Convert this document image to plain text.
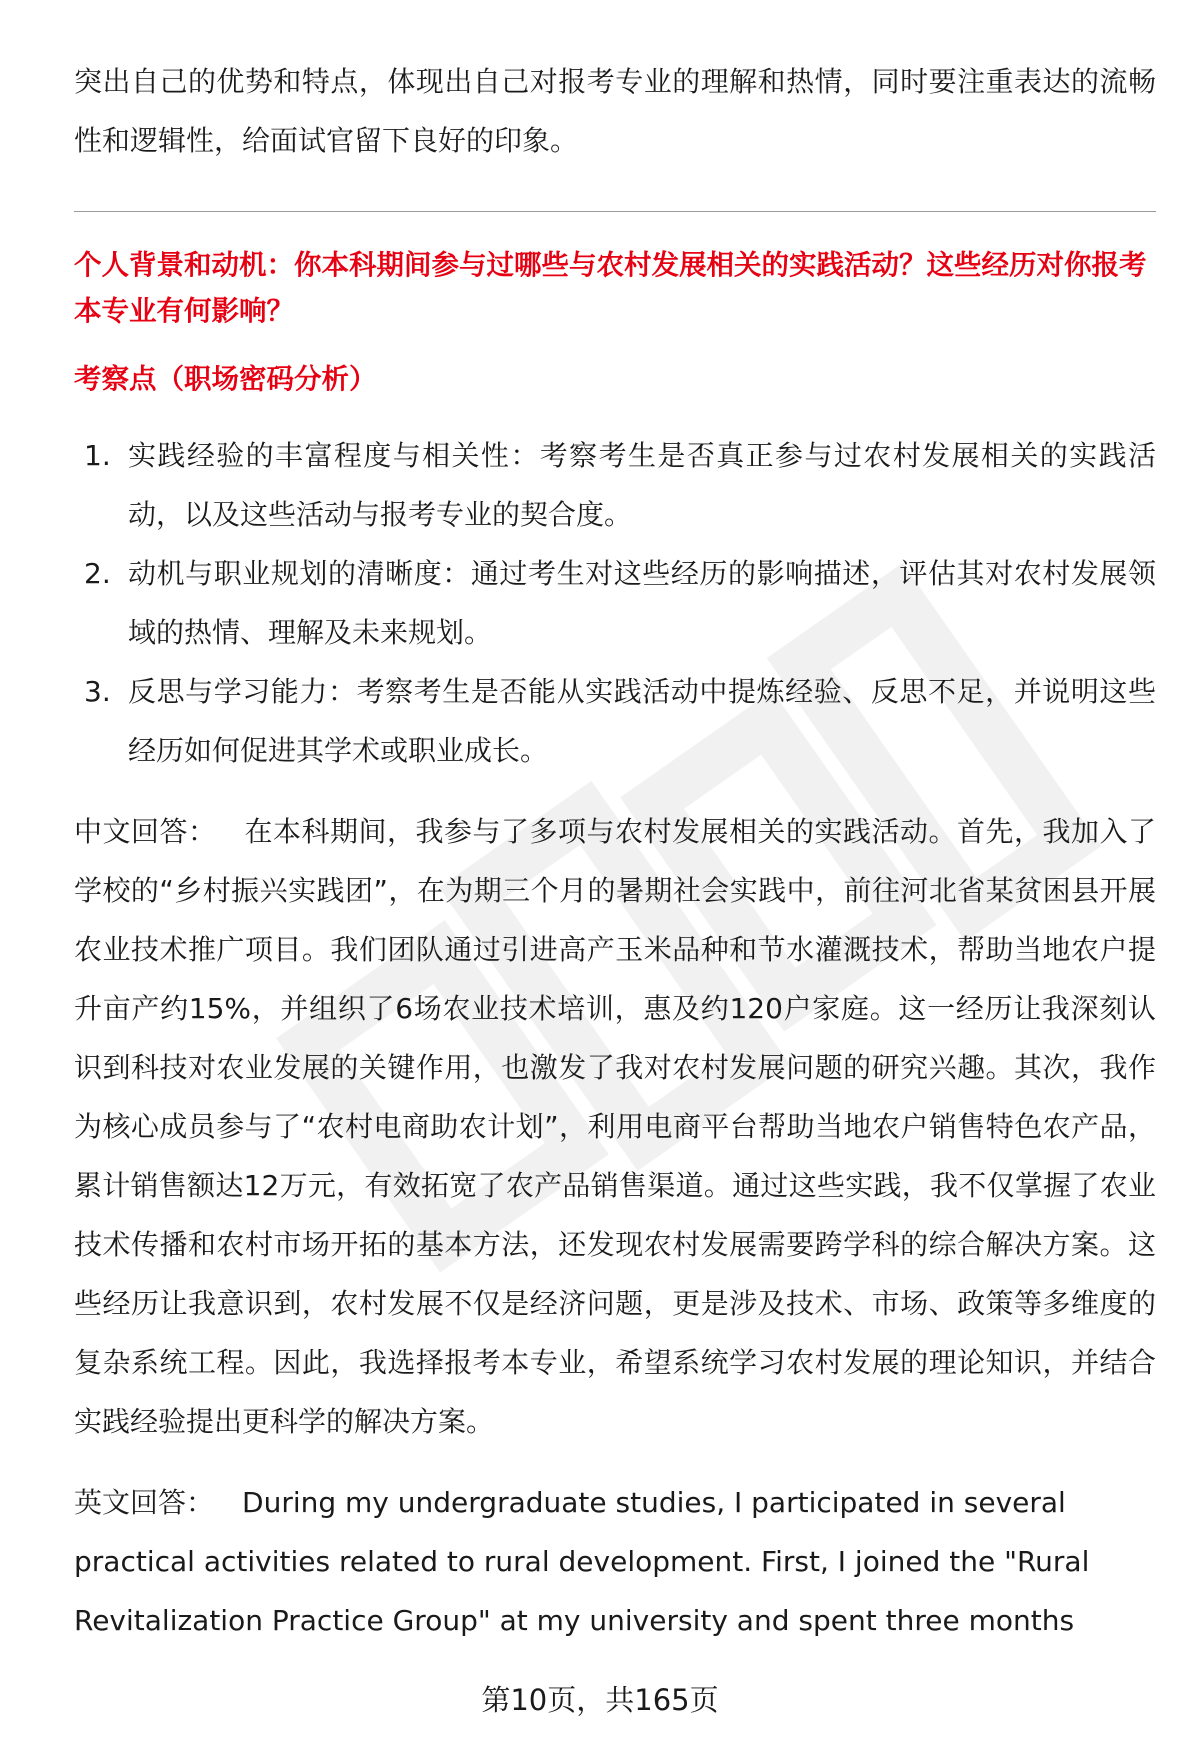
突出自己的优势和特点，体现出自己对报考专业的理解和热情，同时要注重表达的流畅性和逻辑性，给面试官留下良好的印象。

个人背景和动机：你本科期间参与过哪些与农村发展相关的实践活动？这些经历对你报考本专业有何影响？

考察点（职场密码分析）

1. 实践经验的丰富程度与相关性：考察考生是否真正参与过农村发展相关的实践活动，以及这些活动与报考专业的契合度。
2. 动机与职业规划的清晰度：通过考生对这些经历的影响描述，评估其对农村发展领域的热情、理解及未来规划。
3. 反思与学习能力：考察考生是否能从实践活动中提炼经验、反思不足，并说明这些经历如何促进其学术或职业成长。

中文回答： 在本科期间，我参与了多项与农村发展相关的实践活动。首先，我加入了学校的“乡村振兴实践团”，在为期三个月的暑期社会实践中，前往河北省某贫困县开展农业技术推广项目。我们团队通过引进高产玉米品种和节水灌溉技术，帮助当地农户提升亩产约15%，并组织了6场农业技术培训，惠及约120户家庭。这一经历让我深刻认识到科技对农业发展的关键作用，也激发了我对农村发展问题的研究兴趣。其次，我作为核心成员参与了“农村电商助农计划”，利用电商平台帮助当地农户销售特色农产品，累计销售额达12万元，有效拓宽了农产品销售渠道。通过这些实践，我不仅掌握了农业技术传播和农村市场开拓的基本方法，还发现农村发展需要跨学科的综合解决方案。这些经历让我意识到，农村发展不仅是经济问题，更是涉及技术、市场、政策等多维度的复杂系统工程。因此，我选择报考本专业，希望系统学习农村发展的理论知识，并结合实践经验提出更科学的解决方案。

英文回答： During my undergraduate studies, I participated in several practical activities related to rural development. First, I joined the "Rural Revitalization Practice Group" at my university and spent three months

第10页，共165页
